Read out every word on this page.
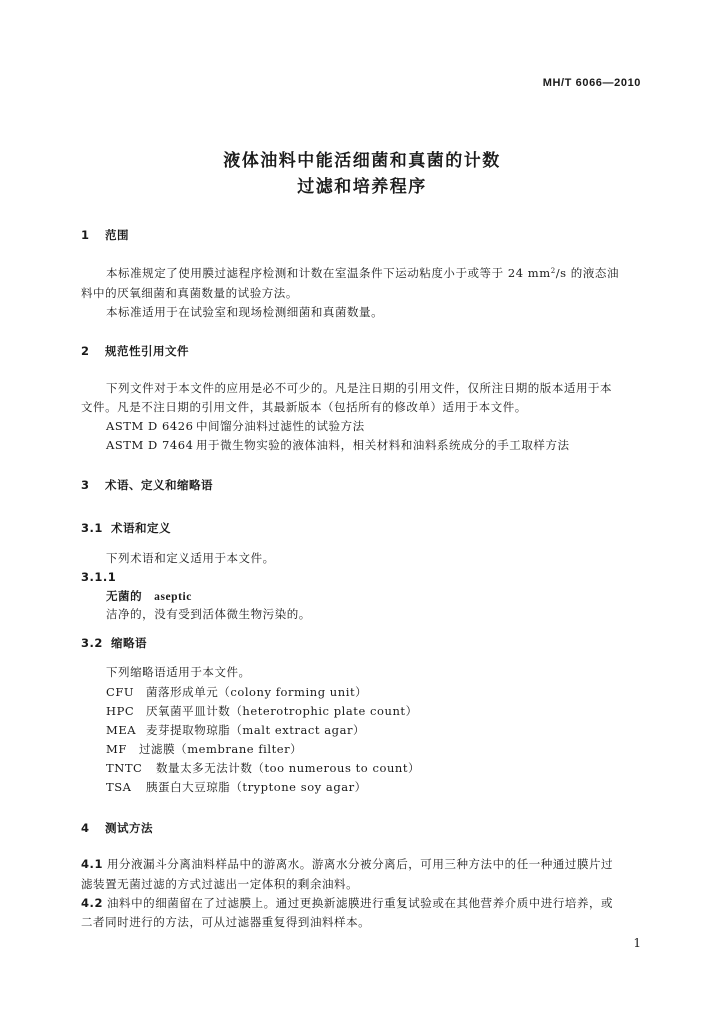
MH/T 6066—2010
液体油料中能活细菌和真菌的计数
过滤和培养程序
1 范围
本标准规定了使用膜过滤程序检测和计数在室温条件下运动粘度小于或等于 24 $mm^2/s$ 的液态油
料中的厌氧细菌和真菌数量的试验方法。
本标准适用于在试验室和现场检测细菌和真菌数量。
2 规范性引用文件
下列文件对于本文件的应用是必不可少的。凡是注日期的引用文件，仅所注日期的版本适用于本
文件。凡是不注日期的引用文件，其最新版本（包括所有的修改单）适用于本文件。
ASTM D 6426 中间馏分油料过滤性的试验方法
ASTM D 7464 用于微生物实验的液体油料，相关材料和油料系统成分的手工取样方法
3 术语、定义和缩略语
3.1 术语和定义
下列术语和定义适用于本文件。
3.1.1
无菌的 aseptic
洁净的，没有受到活体微生物污染的。
3.2 缩略语
下列缩略语适用于本文件。
CFU 菌落形成单元（colony forming unit）
HPC 厌氧菌平皿计数（heterotrophic plate count）
MEA 麦芽提取物琼脂（malt extract agar）
MF 过滤膜（membrane filter）
TNTC 数量太多无法计数（too numerous to count）
TSA 胰蛋白大豆琼脂（tryptone soy agar）
4 测试方法
4.1 用分液漏斗分离油料样品中的游离水。游离水分被分离后，可用三种方法中的任一种通过膜片过
滤装置无菌过滤的方式过滤出一定体积的剩余油料。
4.2 油料中的细菌留在了过滤膜上。通过更换新滤膜进行重复试验或在其他营养介质中进行培养，或
二者同时进行的方法，可从过滤器重复得到油料样本。
1
